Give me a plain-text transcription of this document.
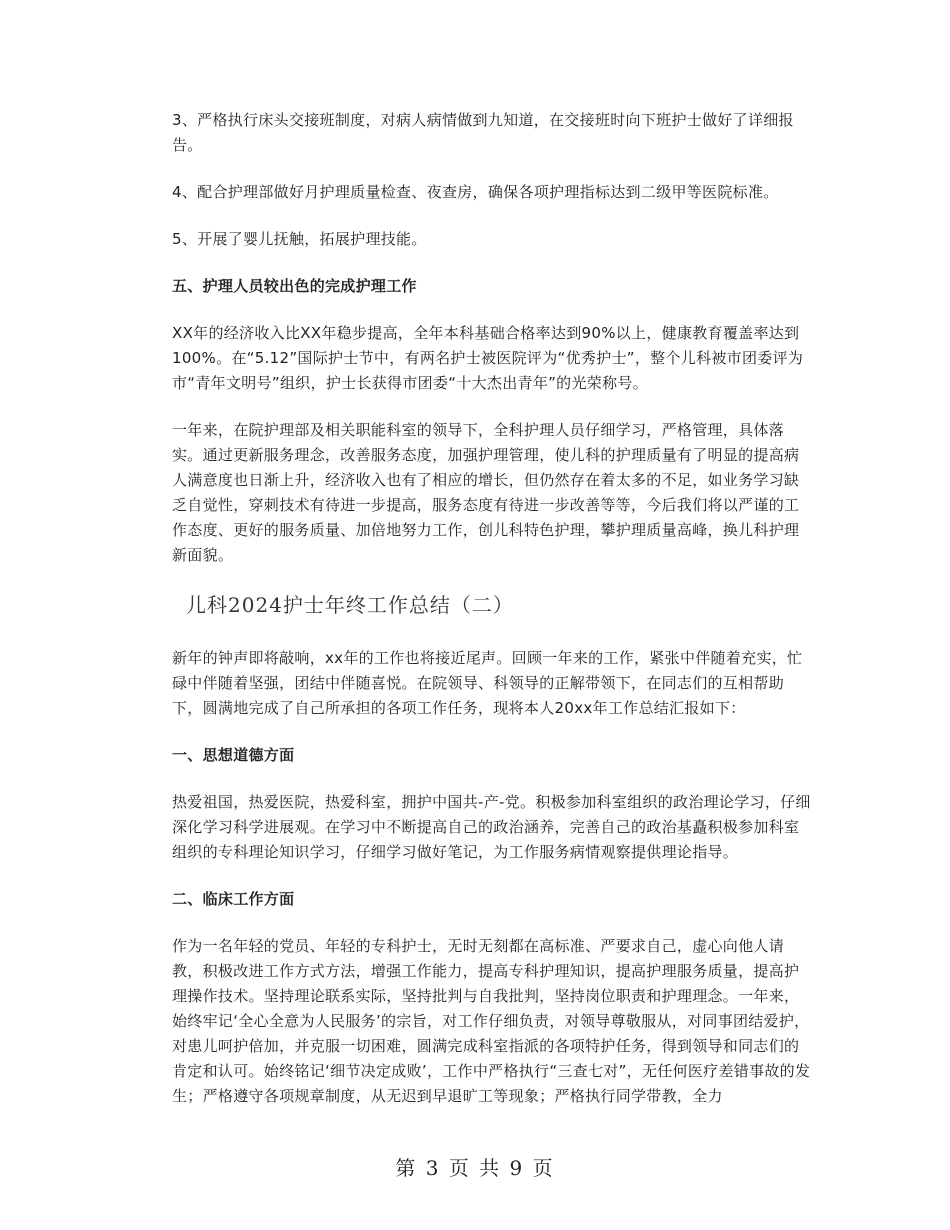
3、严格执行床头交接班制度，对病人病情做到九知道，在交接班时向下班护士做好了详细报告。

4、配合护理部做好月护理质量检查、夜查房，确保各项护理指标达到二级甲等医院标准。

5、开展了婴儿抚触，拓展护理技能。

五、护理人员较出色的完成护理工作

XX年的经济收入比XX年稳步提高，全年本科基础合格率达到90%以上，健康教育覆盖率达到100%。在“5.12”国际护士节中，有两名护士被医院评为“优秀护士”，整个儿科被市团委评为市“青年文明号”组织，护士长获得市团委“十大杰出青年”的光荣称号。

一年来，在院护理部及相关职能科室的领导下，全科护理人员仔细学习，严格管理，具体落实。通过更新服务理念，改善服务态度，加强护理管理，使儿科的护理质量有了明显的提高病人满意度也日渐上升，经济收入也有了相应的增长，但仍然存在着太多的不足，如业务学习缺乏自觉性，穿刺技术有待进一步提高，服务态度有待进一步改善等等，今后我们将以严谨的工作态度、更好的服务质量、加倍地努力工作，创儿科特色护理，攀护理质量高峰，换儿科护理新面貌。

儿科2024护士年终工作总结（二）

新年的钟声即将敲响，xx年的工作也将接近尾声。回顾一年来的工作，紧张中伴随着充实，忙碌中伴随着坚强，团结中伴随喜悦。在院领导、科领导的正解带领下，在同志们的互相帮助下，圆满地完成了自己所承担的各项工作任务，现将本人20xx年工作总结汇报如下：

一、思想道德方面

热爱祖国，热爱医院，热爱科室，拥护中国共-产-党。积极参加科室组织的政治理论学习，仔细深化学习科学进展观。在学习中不断提高自己的政治涵养，完善自己的政治基矗积极参加科室组织的专科理论知识学习，仔细学习做好笔记，为工作服务病情观察提供理论指导。

二、临床工作方面

作为一名年轻的党员、年轻的专科护士，无时无刻都在高标准、严要求自己，虚心向他人请教，积极改进工作方式方法，增强工作能力，提高专科护理知识，提高护理服务质量，提高护理操作技术。坚持理论联系实际，坚持批判与自我批判，坚持岗位职责和护理理念。一年来，始终牢记‘全心全意为人民服务’的宗旨，对工作仔细负责，对领导尊敬服从，对同事团结爱护，对患儿呵护倍加，并克服一切困难，圆满完成科室指派的各项特护任务，得到领导和同志们的肯定和认可。始终铭记‘细节决定成败’，工作中严格执行“三查七对”，无任何医疗差错事故的发生；严格遵守各项规章制度，从无迟到早退旷工等现象；严格执行同学带教，全力

第 3 页 共 9 页
